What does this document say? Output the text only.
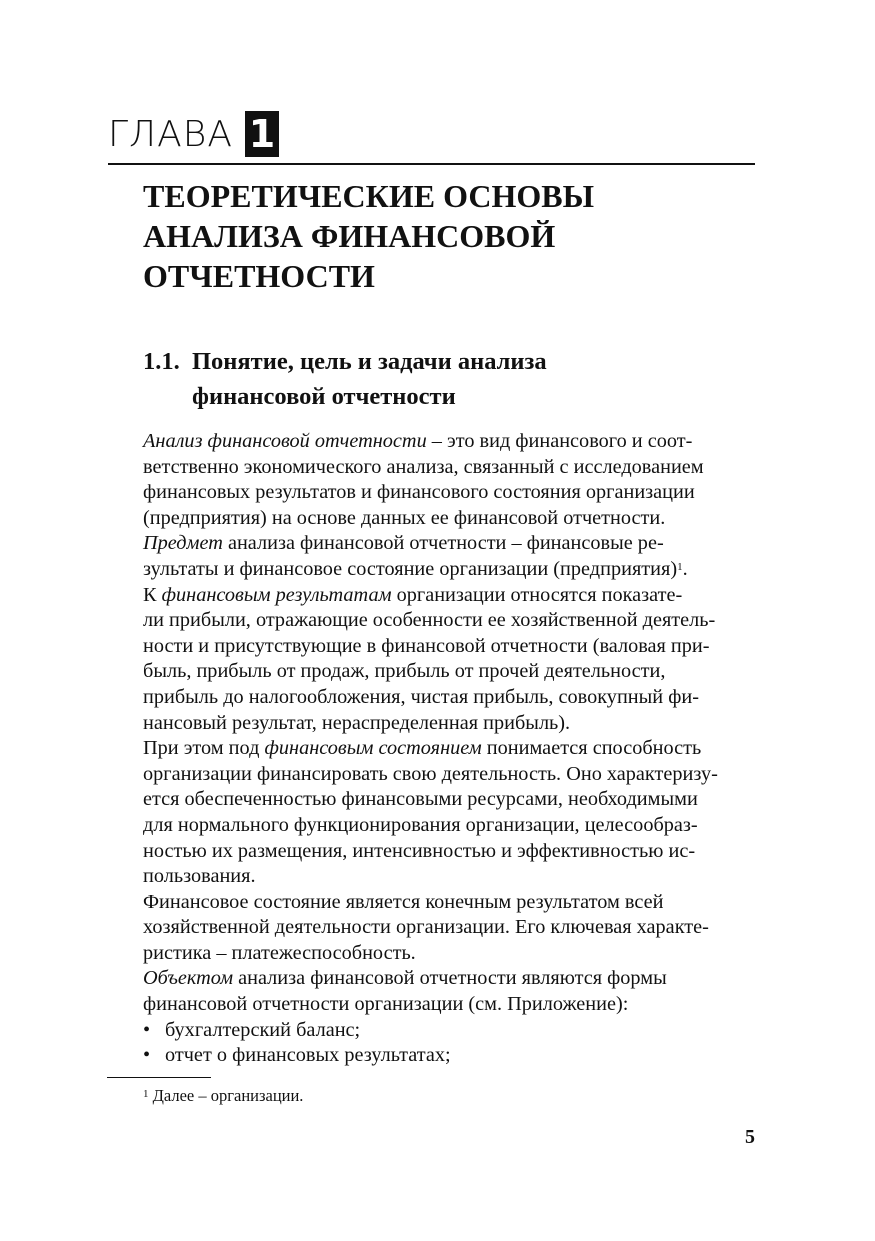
ГЛАВА 1
ТЕОРЕТИЧЕСКИЕ ОСНОВЫ
АНАЛИЗА ФИНАНСОВОЙ
ОТЧЕТНОСТИ
1.1. Понятие, цель и задачи анализа
финансовой отчетности

Анализ финансовой отчетности – это вид финансового и соот-
ветственно экономического анализа, связанный с исследованием
финансовых результатов и финансового состояния организации
(предприятия) на основе данных ее финансовой отчетности.

Предмет анализа финансовой отчетности – финансовые ре-
зультаты и финансовое состояние организации (предприятия)$^1$.

К финансовым результатам организации относятся показате-
ли прибыли, отражающие особенности ее хозяйственной деятель-
ности и присутствующие в финансовой отчетности (валовая при-
быль, прибыль от продаж, прибыль от прочей деятельности,
прибыль до налогообложения, чистая прибыль, совокупный фи-
нансовый результат, нераспределенная прибыль).

При этом под финансовым состоянием понимается способность
организации финансировать свою деятельность. Оно характеризу-
ется обеспеченностью финансовыми ресурсами, необходимыми
для нормального функционирования организации, целесообраз-
ностью их размещения, интенсивностью и эффективностью ис-
пользования.

Финансовое состояние является конечным результатом всей
хозяйственной деятельности организации. Его ключевая характе-
ристика – платежеспособность.

Объектом анализа финансовой отчетности являются формы
финансовой отчетности организации (см. Приложение):

• бухгалтерский баланс;
• отчет о финансовых результатах;
$^1$ Далее – организации.
5
